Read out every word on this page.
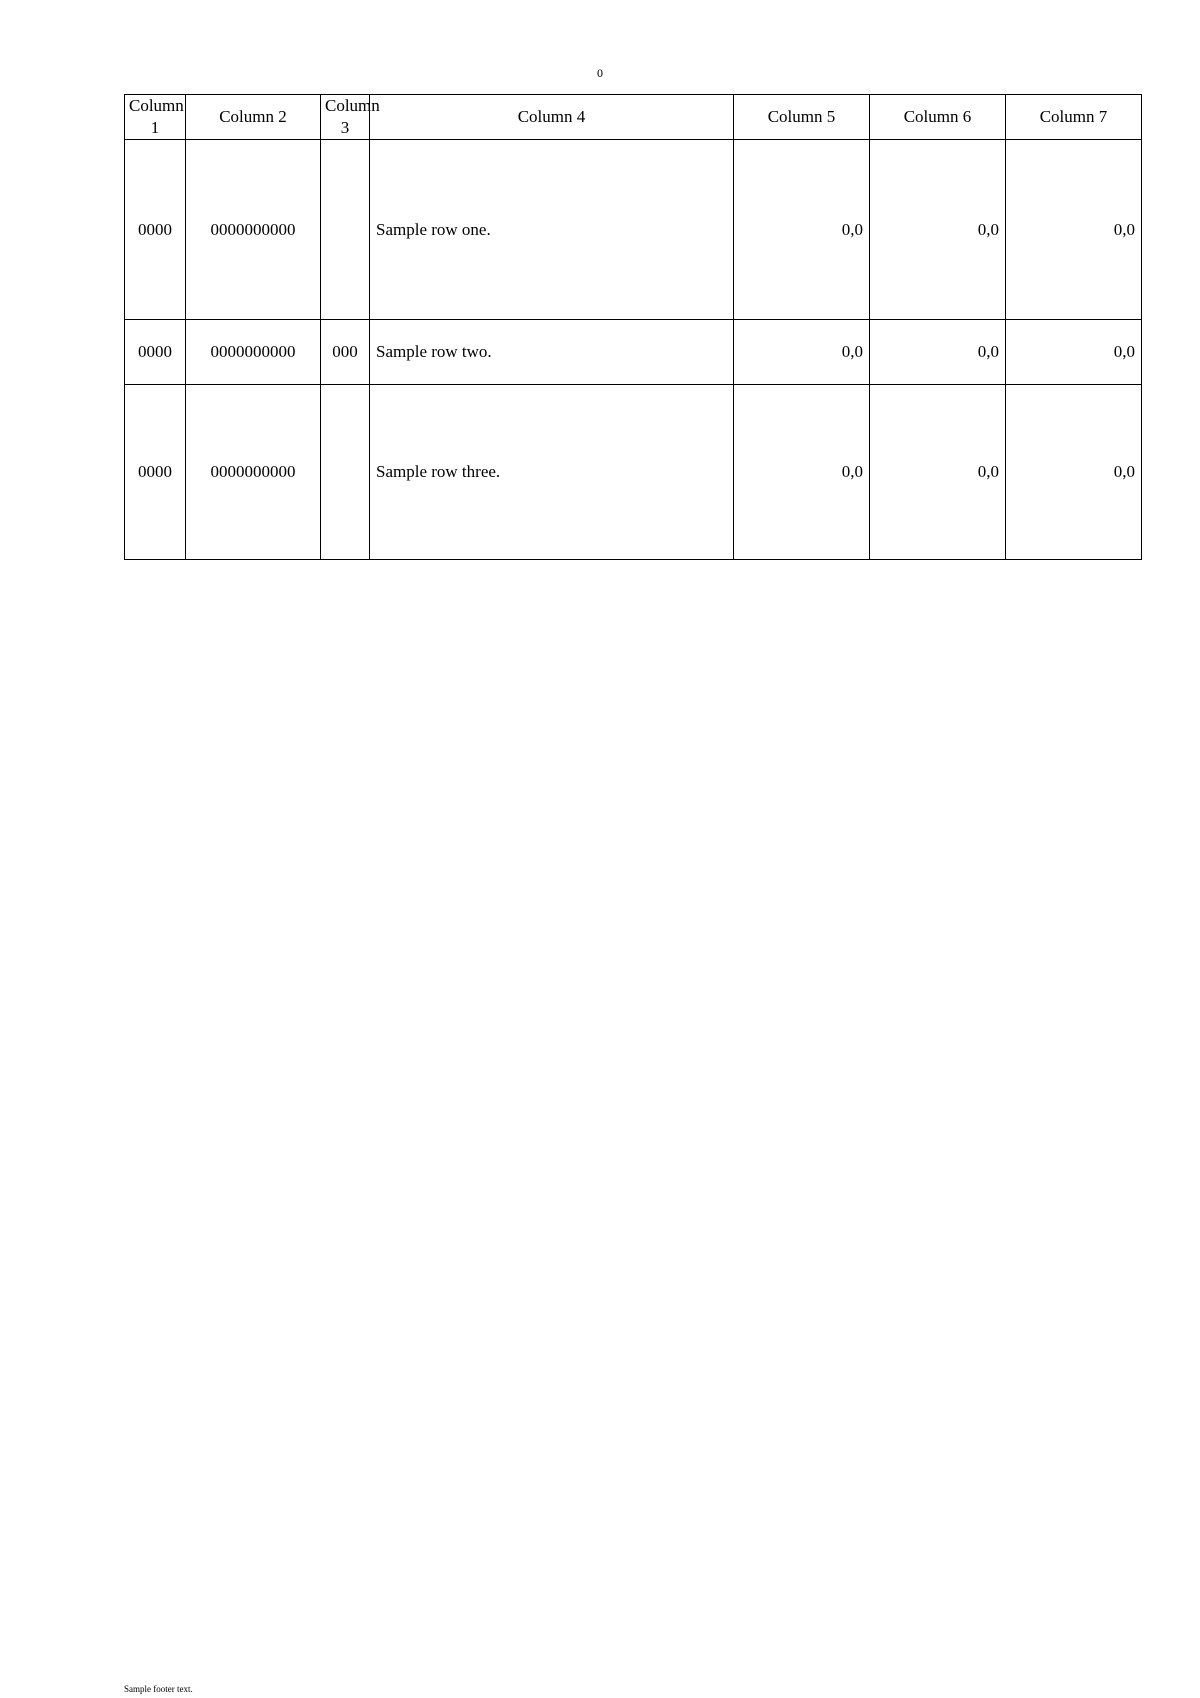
0
Column 1	Column 2	Column 3	Column 4	Column 5	Column 6	Column 7
0000	0000000000		Sample row one.	0,0	0,0	0,0
0000	0000000000	000	Sample row two.	0,0	0,0	0,0
0000	0000000000		Sample row three.	0,0	0,0	0,0
Sample footer text.
